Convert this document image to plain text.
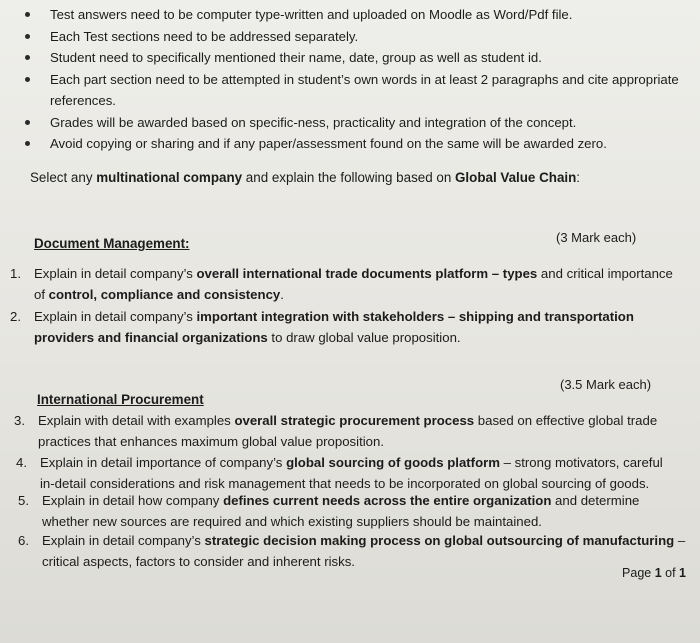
Test answers need to be computer type-written and uploaded on Moodle as Word/Pdf file.
Each Test sections need to be addressed separately.
Student need to specifically mentioned their name, date, group as well as student id.
Each part section need to be attempted in student’s own words in at least 2 paragraphs and cite appropriate references.
Grades will be awarded based on specific-ness, practicality and integration of the concept.
Avoid copying or sharing and if any paper/assessment found on the same will be awarded zero.
Select any multinational company and explain the following based on Global Value Chain:
Document Management:	(3 Mark each)
1. Explain in detail company’s overall international trade documents platform – types and critical importance of control, compliance and consistency.
2. Explain in detail company’s important integration with stakeholders – shipping and transportation providers and financial organizations to draw global value proposition.
International Procurement
(3.5 Mark each)
3. Explain with detail with examples overall strategic procurement process based on effective global trade practices that enhances maximum global value proposition.
4. Explain in detail importance of company’s global sourcing of goods platform – strong motivators, careful in-detail considerations and risk management that needs to be incorporated on global sourcing of goods.
5. Explain in detail how company defines current needs across the entire organization and determine whether new sources are required and which existing suppliers should be maintained.
6. Explain in detail company’s strategic decision making process on global outsourcing of manufacturing – critical aspects, factors to consider and inherent risks.
Page 1 of 1
